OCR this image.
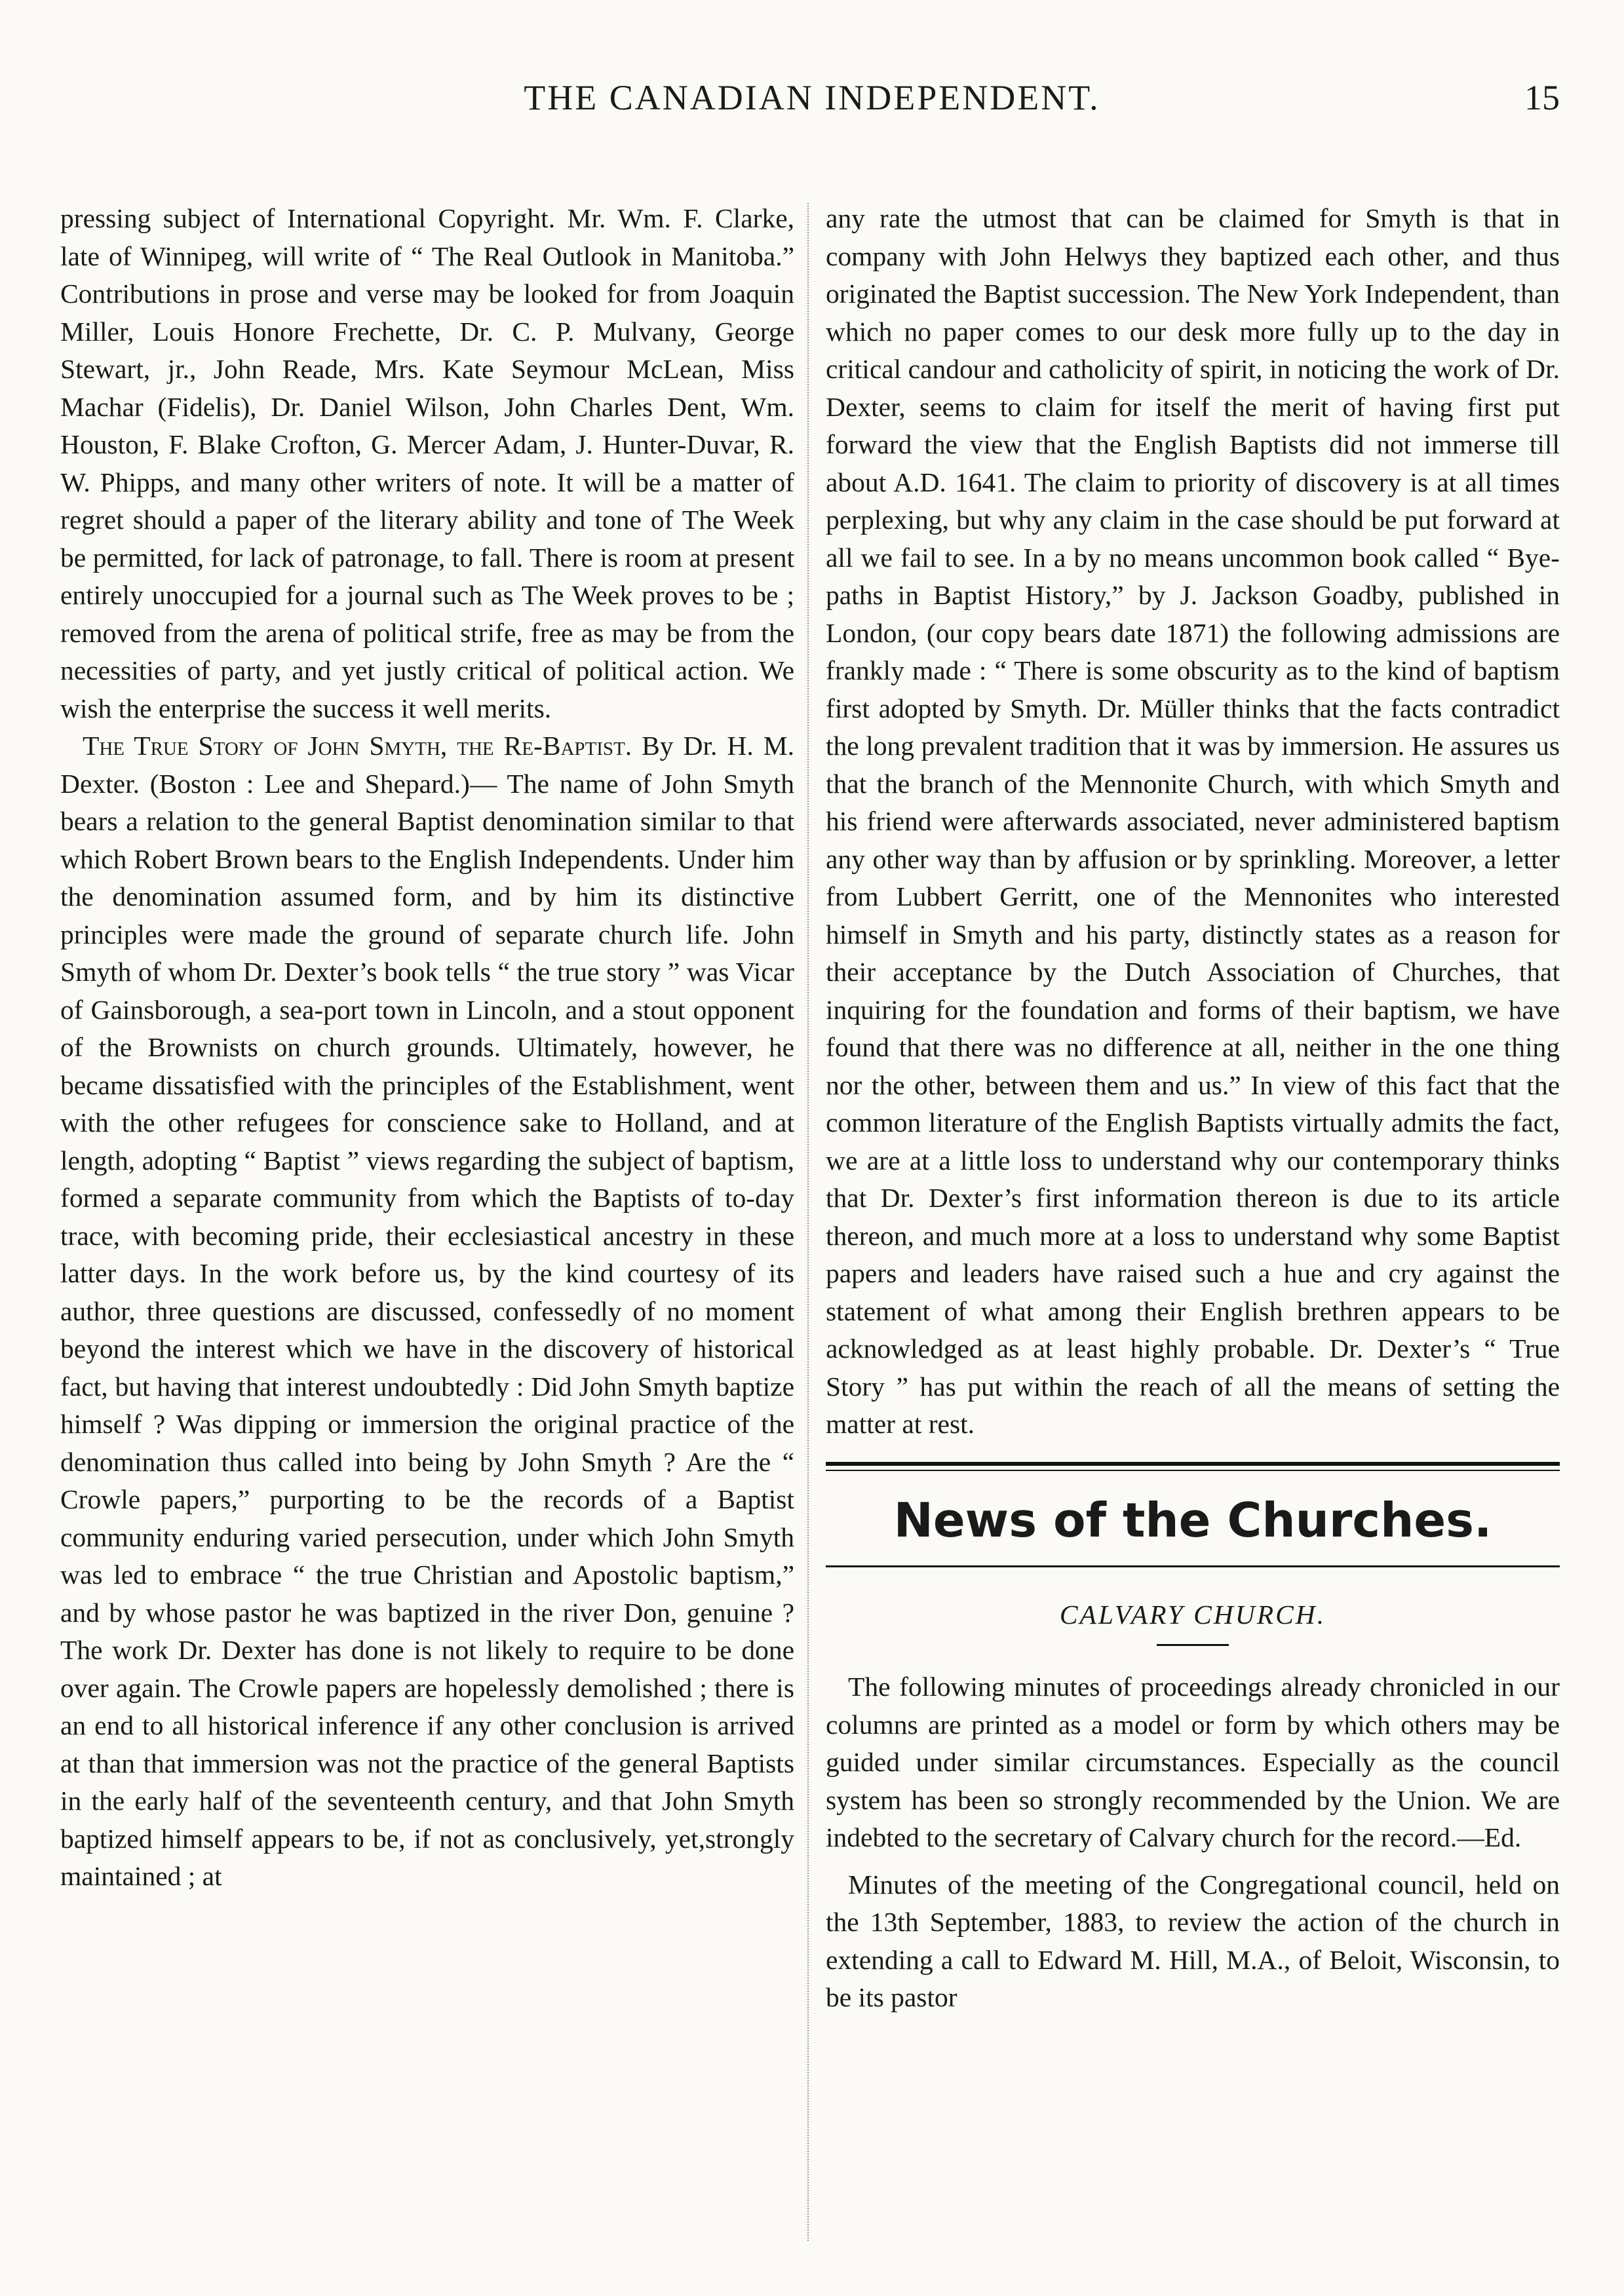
THE CANADIAN INDEPENDENT.	15

pressing subject of International Copyright. Mr. Wm. F. Clarke, late of Winnipeg, will write of “ The Real Outlook in Manitoba.” Contributions in prose and verse may be looked for from Joaquin Miller, Louis Honore Frechette, Dr. C. P. Mulvany, George Stewart, jr., John Reade, Mrs. Kate Seymour McLean, Miss Machar (Fidelis), Dr. Daniel Wilson, John Charles Dent, Wm. Houston, F. Blake Crofton, G. Mercer Adam, J. Hunter-Duvar, R. W. Phipps, and many other writers of note. It will be a matter of regret should a paper of the literary ability and tone of The Week be permitted, for lack of patronage, to fall. There is room at present entirely unoccupied for a journal such as The Week proves to be ; removed from the arena of political strife, free as may be from the necessities of party, and yet justly critical of political action. We wish the enterprise the success it well merits.

The True Story of John Smyth, the Re-Baptist. By Dr. H. M. Dexter. (Boston : Lee and Shepard.)— The name of John Smyth bears a relation to the general Baptist denomination similar to that which Robert Brown bears to the English Independents. Under him the denomination assumed form, and by him its distinctive principles were made the ground of separate church life. John Smyth of whom Dr. Dexter’s book tells “ the true story ” was Vicar of Gainsborough, a sea-port town in Lincoln, and a stout opponent of the Brownists on church grounds. Ultimately, however, he became dissatisfied with the principles of the Establishment, went with the other refugees for conscience sake to Holland, and at length, adopting “ Baptist ” views regarding the subject of baptism, formed a separate community from which the Baptists of to-day trace, with becoming pride, their ecclesiastical ancestry in these latter days. In the work before us, by the kind courtesy of its author, three questions are discussed, confessedly of no moment beyond the interest which we have in the discovery of historical fact, but having that interest undoubtedly : Did John Smyth baptize himself ? Was dipping or immersion the original practice of the denomination thus called into being by John Smyth ? Are the “ Crowle papers,” purporting to be the records of a Baptist community enduring varied persecution, under which John Smyth was led to embrace “ the true Christian and Apostolic baptism,” and by whose pastor he was baptized in the river Don, genuine ? The work Dr. Dexter has done is not likely to require to be done over again. The Crowle papers are hopelessly demolished ; there is an end to all historical inference if any other conclusion is arrived at than that immersion was not the practice of the general Baptists in the early half of the seventeenth century, and that John Smyth baptized himself appears to be, if not as conclusively, yet,strongly maintained ; at

any rate the utmost that can be claimed for Smyth is that in company with John Helwys they baptized each other, and thus originated the Baptist succession. The New York Independent, than which no paper comes to our desk more fully up to the day in critical candour and catholicity of spirit, in noticing the work of Dr. Dexter, seems to claim for itself the merit of having first put forward the view that the English Baptists did not immerse till about A.D. 1641. The claim to priority of discovery is at all times perplexing, but why any claim in the case should be put forward at all we fail to see. In a by no means uncommon book called “ Bye-paths in Baptist History,” by J. Jackson Goadby, published in London, (our copy bears date 1871) the following admissions are frankly made : “ There is some obscurity as to the kind of baptism first adopted by Smyth. Dr. Müller thinks that the facts contradict the long prevalent tradition that it was by immersion. He assures us that the branch of the Mennonite Church, with which Smyth and his friend were afterwards associated, never administered baptism any other way than by affusion or by sprinkling. Moreover, a letter from Lubbert Gerritt, one of the Mennonites who interested himself in Smyth and his party, distinctly states as a reason for their acceptance by the Dutch Association of Churches, that inquiring for the foundation and forms of their baptism, we have found that there was no difference at all, neither in the one thing nor the other, between them and us.” In view of this fact that the common literature of the English Baptists virtually admits the fact, we are at a little loss to understand why our contemporary thinks that Dr. Dexter’s first information thereon is due to its article thereon, and much more at a loss to understand why some Baptist papers and leaders have raised such a hue and cry against the statement of what among their English brethren appears to be acknowledged as at least highly probable. Dr. Dexter’s “ True Story ” has put within the reach of all the means of setting the matter at rest.

News of the Churches.
CALVARY CHURCH.

The following minutes of proceedings already chronicled in our columns are printed as a model or form by which others may be guided under similar circumstances. Especially as the council system has been so strongly recommended by the Union. We are indebted to the secretary of Calvary church for the record.—Ed.

Minutes of the meeting of the Congregational council, held on the 13th September, 1883, to review the action of the church in extending a call to Edward M. Hill, M.A., of Beloit, Wisconsin, to be its pastor
